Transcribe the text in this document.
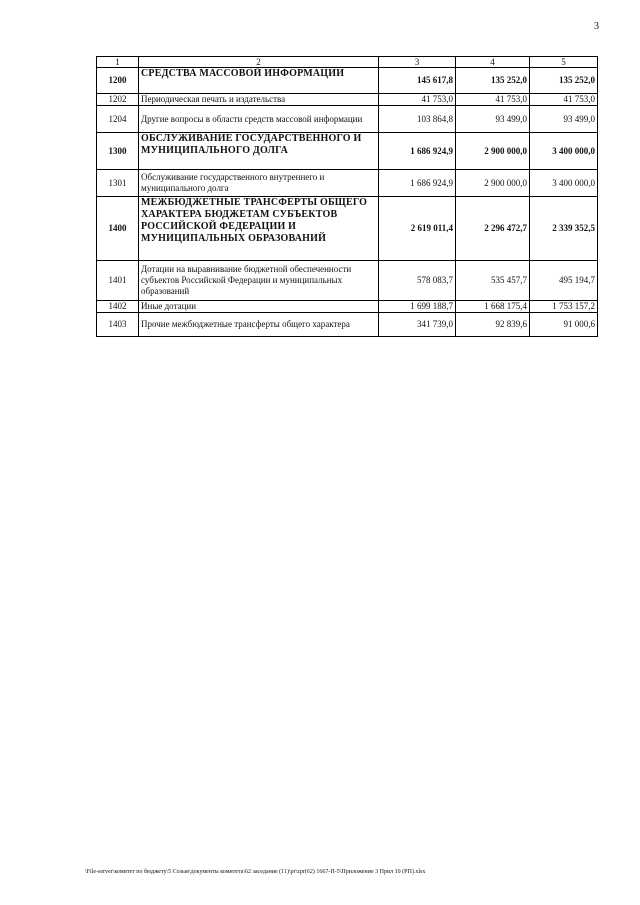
3
1	2	3	4	5
1200	СРЕДСТВА МАССОВОЙ ИНФОРМАЦИИ	145 617,8	135 252,0	135 252,0
1202	Периодическая печать и издательства	41 753,0	41 753,0	41 753,0
1204	Другие вопросы в области средств массовой информации	103 864,8	93 499,0	93 499,0
1300	ОБСЛУЖИВАНИЕ ГОСУДАРСТВЕННОГО И МУНИЦИПАЛЬНОГО ДОЛГА	1 686 924,9	2 900 000,0	3 400 000,0
1301	Обслуживание государственного внутреннего и муниципального долга	1 686 924,9	2 900 000,0	3 400 000,0
1400	МЕЖБЮДЖЕТНЫЕ ТРАНСФЕРТЫ ОБЩЕГО ХАРАКТЕРА БЮДЖЕТАМ СУБЪЕКТОВ РОССИЙСКОЙ ФЕДЕРАЦИИ И МУНИЦИПАЛЬНЫХ ОБРАЗОВАНИЙ	2 619 011,4	2 296 472,7	2 339 352,5
1401	Дотации на выравнивание бюджетной обеспеченности субъектов Российской Федерации и муниципальных образований	578 083,7	535 457,7	495 194,7
1402	Иные дотации	1 699 188,7	1 668 175,4	1 753 157,2
1403	Прочие межбюджетные трансферты общего характера	341 739,0	92 839,6	91 000,6
\File-server\комитет по бюджету\5 Созыв\документы комитета\62 заседание (11)\pr\zpr(62) 1667-П-5\Приложение 3 Прил 10 (РП).xlsx
